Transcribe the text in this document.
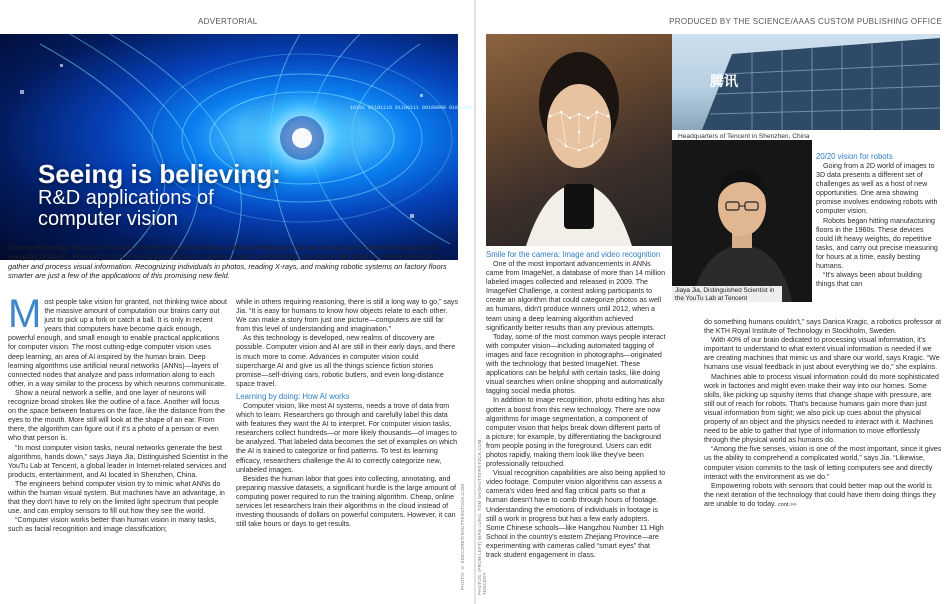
ADVERTORIAL	PRODUCED BY THE SCIENCE/AAAS CUSTOM PUBLISHING OFFICE
10101 01101110 01100111 00100000 01001000
Seeing is believing:
R&D applications of
computer vision

Once a technology that only existed in the realm of science fiction, artificial intelligence (AI) has moved out of research labs and into everyday products. Powering much of the progress in AI is computer vision, a technology concerned with building software that can gather and process visual information. Recognizing individuals in photos, reading X-rays, and making robotic systems on factory floors smarter are just a few of the applications of this promising new field.

Most people take vision for granted, not thinking twice about the massive amount of computation our brains carry out just to pick up a fork or catch a ball. It is only in recent years that computers have become quick enough, powerful enough, and small enough to enable practical applications for computer vision. The most cutting-edge computer vision uses deep learning, an area of AI inspired by the human brain. Deep learning algorithms use artificial neural networks (ANNs)—layers of connected nodes that analyze and pass information along to each other, in a way similar to the process by which neurons communicate.

Show a neural network a selfie, and one layer of neurons will recognize broad strokes like the outline of a face. Another will focus on the space between features on the face, like the distance from the eyes to the mouth. More still will look at the shape of an ear. From there, the algorithm can figure out if it's a photo of a person or even who that person is.

“In most computer vision tasks, neural networks generate the best algorithms, hands down,” says Jiaya Jia, Distinguished Scientist in the YouTu Lab at Tencent, a global leader in Internet-related services and products, entertainment, and AI located in Shenzhen, China.

The engineers behind computer vision try to mimic what ANNs do within the human visual system. But machines have an advantage, in that they don't have to rely on the limited light spectrum that people use, and can employ sensors to fill out how they see the world.

“Computer vision works better than human vision in many tasks, such as facial recognition and image classification;

while in others requiring reasoning, there is still a long way to go,” says Jia. “It is easy for humans to know how objects relate to each other. We can make a story from just one picture—computers are still far from this level of understanding and imagination.”

As this technology is developed, new realms of discovery are possible. Computer vision and AI are still in their early days, and there is much more to come. Advances in computer vision could supercharge AI and give us all the things science fiction stories promise—self-driving cars, robotic butlers, and even long-distance space travel.

Learning by doing: How AI works

Computer vision, like most AI systems, needs a trove of data from which to learn. Researchers go through and carefully label this data with features they want the AI to interpret. For computer vision tasks, researchers collect hundreds—or more likely thousands—of images to be analyzed. That labeled data becomes the set of examples on which the AI is trained to categorize or find patterns. To test its learning efficacy, researchers challenge the AI to correctly categorize new, unlabeled images.

Besides the human labor that goes into collecting, annotating, and preparing massive datasets, a significant hurdle is the large amount of computing power required to run the training algorithm. Cheap, online services let researchers train their algorithms in the cloud instead of investing thousands of dollars on powerful computers. However, it can still take hours or days to get results.	PHOTO: © SDECORET/SHUTTERSTOCK.COM
腾讯
Headquarters of Tencent in Shenzhen, China
Jiaya Jia, Distinguished Scientist in the YouTu Lab at Tencent
PHOTOS: (FROM LEFT) WAN LONG; TOM SH/SHUTTERSTOCK.COM; TENCENT
Smile for the camera: Image and video recognition

One of the most important advancements in ANNs came from ImageNet, a database of more than 14 million labeled images collected and released in 2009. The ImageNet Challenge, a contest asking participants to create an algorithm that could categorize photos as well as humans, didn't produce winners until 2012, when a team using a deep learning algorithm achieved significantly better results than any previous attempts.

Today, some of the most common ways people interact with computer vision—including automated tagging of images and face recognition in photographs—originated with the technology that bested ImageNet. These applications can be helpful with certain tasks, like doing visual searches when online shopping and automatically tagging social media photos.

In addition to image recognition, photo editing has also gotten a boost from this new technology. There are now algorithms for image segmentation, a component of computer vision that helps break down different parts of a picture; for example, by differentiating the background from people posing in the foreground. Users can edit photos rapidly, making them look like they've been professionally retouched.

Visual recognition capabilities are also being applied to video footage. Computer vision algorithms can assess a camera's video feed and flag critical parts so that a human doesn't have to comb through hours of footage. Understanding the emotions of individuals in footage is still a work in progress but has a few early adopters. Some Chinese schools—like Hangzhou Number 11 High School in the country's eastern Zhejiang Province—are experimenting with cameras called “smart eyes” that track student engagement in class.

20/20 vision for robots

Going from a 2D world of images to 3D data presents a different set of challenges as well as a host of new opportunities. One area showing promise involves endowing robots with computer vision.

Robots began hitting manufacturing floors in the 1960s. These devices could lift heavy weights, do repetitive tasks, and carry out precise measuring for hours at a time, easily besting humans.

“It's always been about building things that can

do something humans couldn't,” says Danica Kragic, a robotics professor at the KTH Royal Institute of Technology in Stockholm, Sweden.

With 40% of our brain dedicated to processing visual information, it's important to understand to what extent visual information is needed if we are creating machines that mimic us and share our world, says Kragic. “We humans use visual feedback in just about everything we do,” she explains.

Machines able to process visual information could do more sophisticated work in factories and might even make their way into our homes. Some skills, like picking up squishy items that change shape with pressure, are still out of reach for robots. That's because humans gain more than just visual information from sight; we also pick up cues about the physical property of an object and the physics needed to interact with it. Machines need to be able to gather that type of information to move effortlessly through the physical world as humans do.

“Among the five senses, vision is one of the most important, since it gives us the ability to comprehend a complicated world,” says Jia. “Likewise, computer vision commits to the task of letting computers see and directly interact with the environment as we do.”

Empowering robots with sensors that could better map out the world is the next iteration of the technology that could have them doing things they are unable to do today. cont.>>
